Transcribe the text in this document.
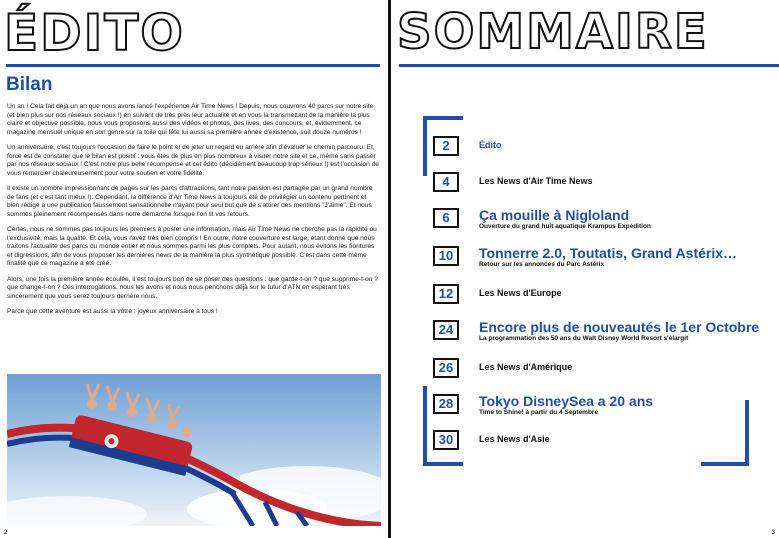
ÉDITO
Bilan

Un an ! Cela fait déjà un an que nous avons lancé l'expérience Air Time News ! Depuis, nous couvrons 40 parcs sur notre site (et bien plus sur nos réseaux sociaux !) en suivant de très près leur actualité et en vous la transmettant de la manière la plus claire et objective possible, nous vous proposons aussi des vidéos et photos, des lives, des concours, et, évidemment, ce magazine mensuel unique en son genre sur la toile qui fête lui aussi sa première année d'existence, soit douze numéros !

Un anniversaire, c'est toujours l'occasion de faire le point et de jeter un regard en arrière afin d'évaluer le chemin parcouru. Et, force est de constater que le bilan est positif : vous êtes de plus en plus nombreux à visiter notre site et ce, même sans passer par nos réseaux sociaux ! C'est notre plus belle récompense et cet édito (décidément beaucoup trop sérieux !) est l'occasion de vous remercier chaleureusement pour votre soutien et votre fidélité.

Il existe un nombre impressionnant de pages sur les parcs d'attractions, tant notre passion est partagée par un grand nombre de fans (et c'est tant mieux !). Cependant, la différence d'Air Time News a toujours été de privilégier un contenu pertinent et bien rédigé à une publication faussement sensationnelle n'ayant pour seul but que de s'attirer des mentions "J'aime". Et nous sommes pleinement récompensés dans notre démarche lorsque l'on lit vos retours.

Certes, nous ne sommes pas toujours les premiers à poster une information, mais Air Time News ne cherche pas la rapidité ou l'exclusivité, mais la qualité. Et cela, vous l'avez très bien compris ! En outre, notre couverture est large, étant donné que nous traitons l'actualité des parcs du monde entier et nous sommes parmi les plus complets. Pour autant, nous évitons les fioritures et digressions, afin de vous proposer les dernières news de la manière la plus synthétique possible. C'est dans cette même finalité que ce magazine a été créé.

Alors, une fois la première année écoulée, il est toujours bon de se poser des questions : que garde-t-on ? que supprime-t-on ? que change-t-on ? Ces interrogations, nous les avons et nous nous penchons déjà sur le futur d'ATN en espérant très sincèrement que vous serez toujours derrière nous.

Parce que cette aventure est aussi la vôtre : joyeux anniversaire à tous !

2
SOMMAIRE
2	Édito
4	Les News d'Air Time News
6	Ça mouille à Nigloland
Ouverture du grand huit aquatique Krampus Expédition
10	Tonnerre 2.0, Toutatis, Grand Astérix…
Retour sur les annonces du Parc Astérix
12	Les News d'Europe
24	Encore plus de nouveautés le 1er Octobre
La programmation des 50 ans du Walt Disney World Resort s'élargit
26	Les News d'Amérique
28	Tokyo DisneySea a 20 ans
Time to Shine! à partir du 4 Septembre
30	Les News d'Asie
3
